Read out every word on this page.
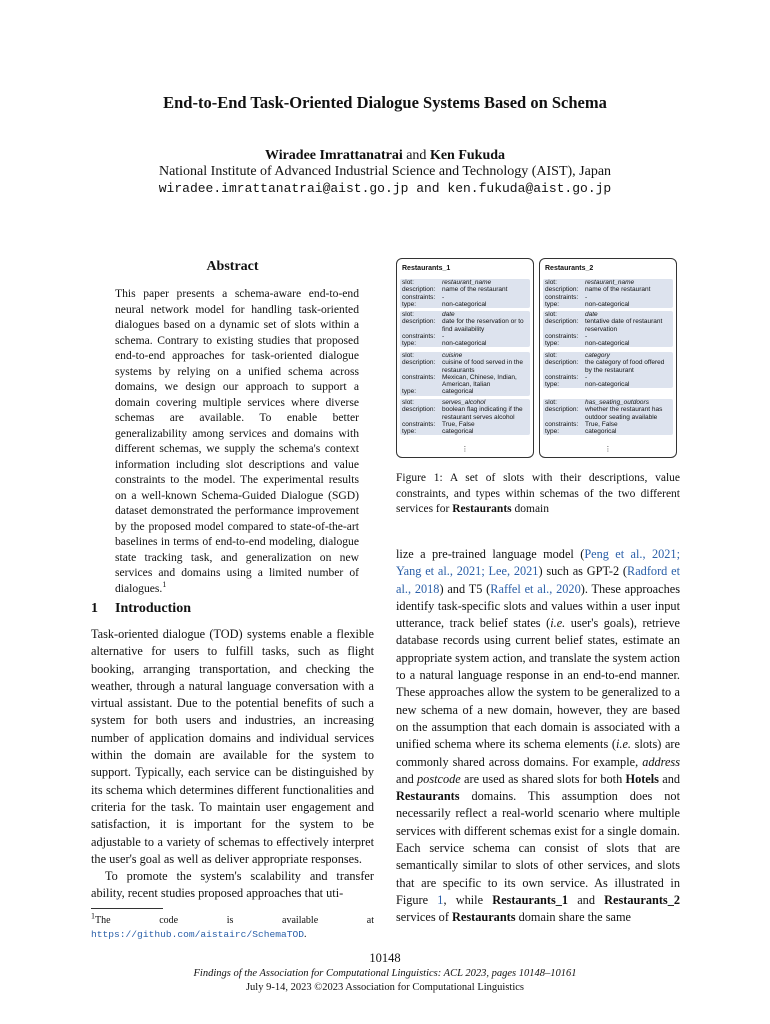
End-to-End Task-Oriented Dialogue Systems Based on Schema
Wiradee Imrattanatrai and Ken Fukuda
National Institute of Advanced Industrial Science and Technology (AIST), Japan
wiradee.imrattanatrai@aist.go.jp and ken.fukuda@aist.go.jp
Abstract
This paper presents a schema-aware end-to-end neural network model for handling task-oriented dialogues based on a dynamic set of slots within a schema. Contrary to existing studies that proposed end-to-end approaches for task-oriented dialogue systems by relying on a unified schema across domains, we design our approach to support a domain covering multiple services where diverse schemas are available. To enable better generalizability among services and domains with different schemas, we supply the schema's context information including slot descriptions and value constraints to the model. The experimental results on a well-known Schema-Guided Dialogue (SGD) dataset demonstrated the performance improvement by the proposed model compared to state-of-the-art baselines in terms of end-to-end modeling, dialogue state tracking task, and generalization on new services and domains using a limited number of dialogues.$^1$
1 Introduction
Task-oriented dialogue (TOD) systems enable a flexible alternative for users to fulfill tasks, such as flight booking, arranging transportation, and checking the weather, through a natural language conversation with a virtual assistant. Due to the potential benefits of such a system for both users and industries, an increasing number of application domains and individual services within the domain are available for the system to support. Typically, each service can be distinguished by its schema which determines different functionalities and criteria for the task. To maintain user engagement and satisfaction, it is important for the system to be adjustable to a variety of schemas to effectively interpret the user's goal as well as deliver appropriate responses.
To promote the system's scalability and transfer ability, recent studies proposed approaches that uti-
$^1$The code is available at https://github.com/aistairc/SchemaTOD.
Restaurants_1
slot:	restaurant_name
description:	name of the restaurant
constraints:	-
type:	non-categorical
slot:	date
description:	date for the reservation or to find availability
constraints:	-
type:	non-categorical
slot:	cuisine
description:	cuisine of food served in the restaurants
constraints:	Mexican, Chinese, Indian, American, Italian
type:	categorical
slot:	serves_alcohol
description:	boolean flag indicating if the restaurant serves alcohol
constraints:	True, False
type:	categorical
⋮
Restaurants_2
slot:	restaurant_name
description:	name of the restaurant
constraints:	-
type:	non-categorical
slot:	date
description:	tentative date of restaurant reservation
constraints:	-
type:	non-categorical
slot:	category
description:	the category of food offered by the restaurant
constraints:	-
type:	non-categorical
slot:	has_seating_outdoors
description:	whether the restaurant has outdoor seating available
constraints:	True, False
type:	categorical
⋮
Figure 1: A set of slots with their descriptions, value constraints, and types within schemas of the two different services for Restaurants domain
lize a pre-trained language model (Peng et al., 2021; Yang et al., 2021; Lee, 2021) such as GPT-2 (Radford et al., 2018) and T5 (Raffel et al., 2020). These approaches identify task-specific slots and values within a user input utterance, track belief states (i.e. user's goals), retrieve database records using current belief states, estimate an appropriate system action, and translate the system action to a natural language response in an end-to-end manner. These approaches allow the system to be generalized to a new schema of a new domain, however, they are based on the assumption that each domain is associated with a unified schema where its schema elements (i.e. slots) are commonly shared across domains. For example, address and postcode are used as shared slots for both Hotels and Restaurants domains. This assumption does not necessarily reflect a real-world scenario where multiple services with different schemas exist for a single domain. Each service schema can consist of slots that are semantically similar to slots of other services, and slots that are specific to its own service. As illustrated in Figure 1, while Restaurants_1 and Restaurants_2 services of Restaurants domain share the same
10148
Findings of the Association for Computational Linguistics: ACL 2023, pages 10148–10161
July 9-14, 2023 ©2023 Association for Computational Linguistics
